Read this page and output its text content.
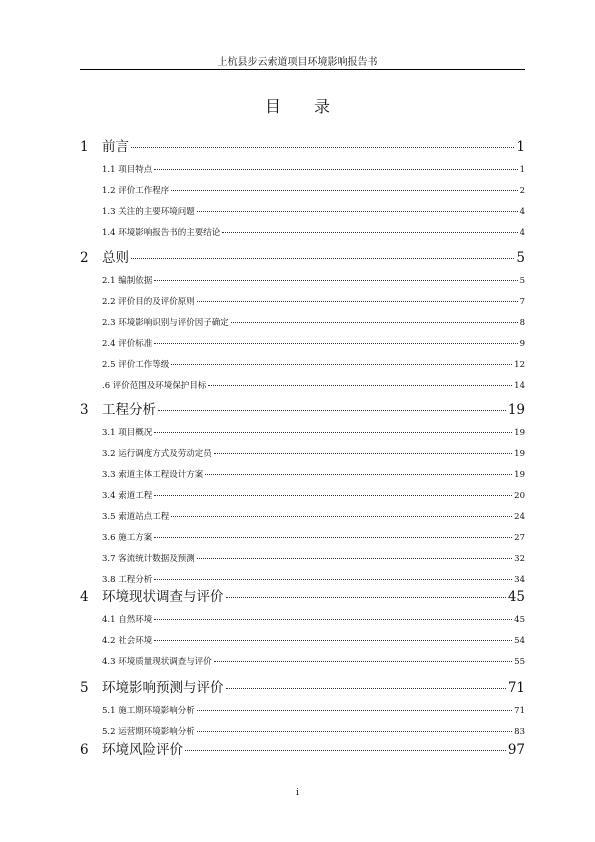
上杭县步云索道项目环境影响报告书
目 录
1 前言	1
1.1 项目特点	1
1.2 评价工作程序	2
1.3 关注的主要环境问题	4
1.4 环境影响报告书的主要结论	4
2 总则	5
2.1 编制依据	5
2.2 评价目的及评价原则	7
2.3 环境影响识别与评价因子确定	8
2.4 评价标准	9
2.5 评价工作等级	12
.6 评价范围及环境保护目标	14
3 工程分析	19
3.1 项目概况	19
3.2 运行调度方式及劳动定员	19
3.3 索道主体工程设计方案	19
3.4 索道工程	20
3.5 索道站点工程	24
3.6 施工方案	27
3.7 客流统计数据及预测	32
3.8 工程分析	34
4 环境现状调查与评价	45
4.1 自然环境	45
4.2 社会环境	54
4.3 环境质量现状调查与评价	55
5 环境影响预测与评价	71
5.1 施工期环境影响分析	71
5.2 运营期环境影响分析	83
6 环境风险评价	97
i
